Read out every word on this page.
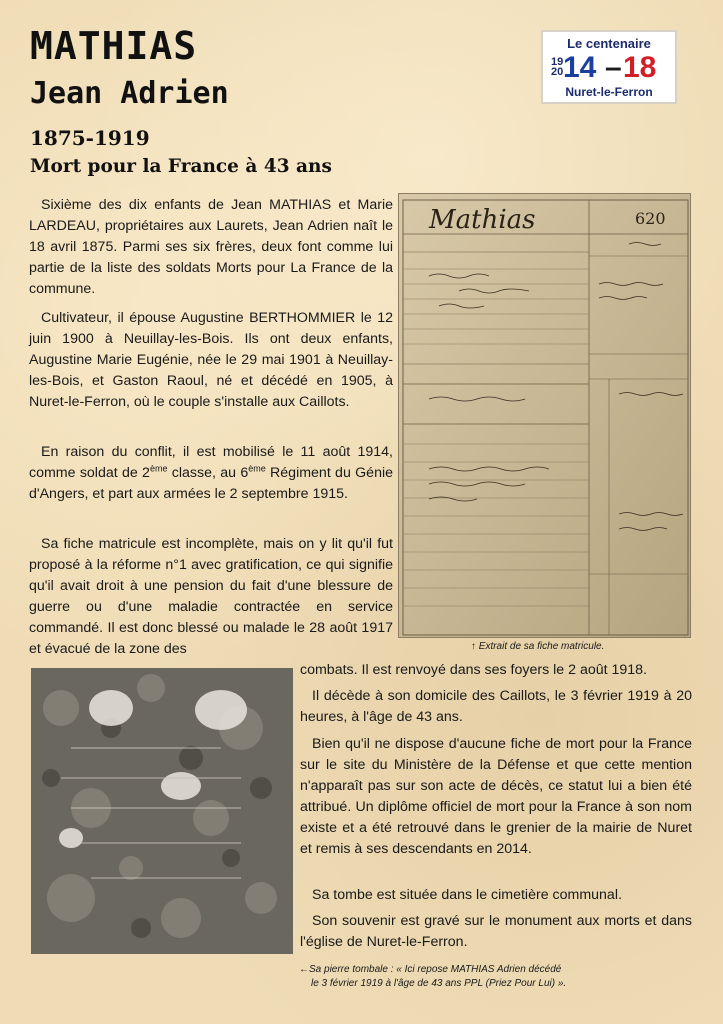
MATHIAS
Jean Adrien
1875-1919
Mort pour la France à 43 ans
Le centenaire
19
20 14 – 18
Nuret-le-Ferron
Sixième des dix enfants de Jean MATHIAS et Marie LARDEAU, propriétaires aux Laurets, Jean Adrien naît le 18 avril 1875. Parmi ses six frères, deux font comme lui partie de la liste des soldats Morts pour La France de la commune.
Cultivateur, il épouse Augustine BERTHOMMIER le 12 juin 1900 à Neuillay-les-Bois. Ils ont deux enfants, Augustine Marie Eugénie, née le 29 mai 1901 à Neuillay-les-Bois, et Gaston Raoul, né et décédé en 1905, à Nuret-le-Ferron, où le couple s'installe aux Caillots.
En raison du conflit, il est mobilisé le 11 août 1914, comme soldat de 2ème classe, au 6ème Régiment du Génie d'Angers, et part aux armées le 2 septembre 1915.
Sa fiche matricule est incomplète, mais on y lit qu'il fut proposé à la réforme n°1 avec gratification, ce qui signifie qu'il avait droit à une pension du fait d'une blessure de guerre ou d'une maladie contractée en service commandé. Il est donc blessé ou malade le 28 août 1917 et évacué de la zone des
combats. Il est renvoyé dans ses foyers le 2 août 1918.
Il décède à son domicile des Caillots, le 3 février 1919 à 20 heures, à l'âge de 43 ans.
Bien qu'il ne dispose d'aucune fiche de mort pour la France sur le site du Ministère de la Défense et que cette mention n'apparaît pas sur son acte de décès, ce statut lui a bien été attribué. Un diplôme officiel de mort pour la France à son nom existe et a été retrouvé dans le grenier de la mairie de Nuret et remis à ses descendants en 2014.
Sa tombe est située dans le cimetière communal.
Son souvenir est gravé sur le monument aux morts et dans l'église de Nuret-le-Ferron.
Mathias	620
↑ Extrait de sa fiche matricule.
←Sa pierre tombale : « Ici repose MATHIAS Adrien décédé
le 3 février 1919 à l'âge de 43 ans PPL (Priez Pour Lui) ».
